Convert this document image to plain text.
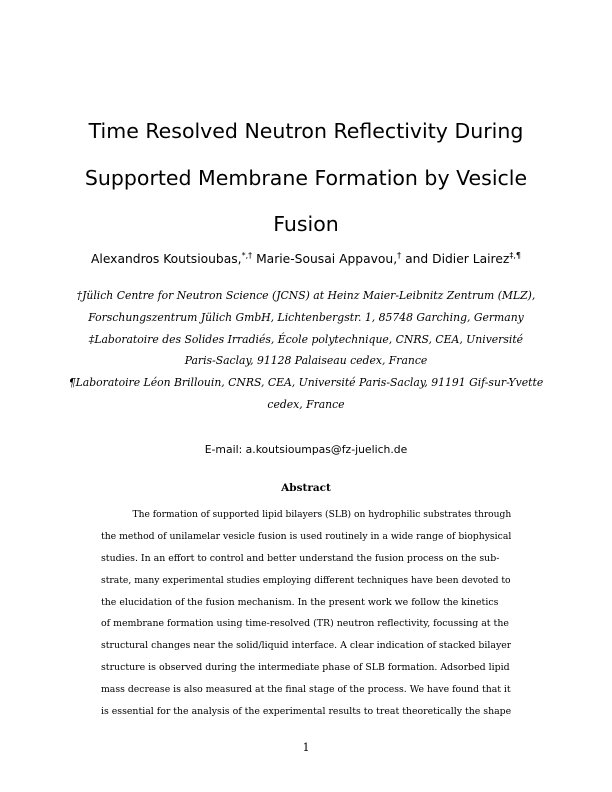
Time Resolved Neutron Reflectivity During
Supported Membrane Formation by Vesicle
Fusion
Alexandros Koutsioubas,*,† Marie-Sousai Appavou,† and Didier Lairez‡,¶
†Jülich Centre for Neutron Science (JCNS) at Heinz Maier-Leibnitz Zentrum (MLZ),
Forschungszentrum Jülich GmbH, Lichtenbergstr. 1, 85748 Garching, Germany
‡Laboratoire des Solides Irradiés, École polytechnique, CNRS, CEA, Université
Paris-Saclay, 91128 Palaiseau cedex, France
¶Laboratoire Léon Brillouin, CNRS, CEA, Université Paris-Saclay, 91191 Gif-sur-Yvette
cedex, France
E-mail: a.koutsioumpas@fz-juelich.de
Abstract
The formation of supported lipid bilayers (SLB) on hydrophilic substrates through
the method of unilamelar vesicle fusion is used routinely in a wide range of biophysical
studies. In an effort to control and better understand the fusion process on the sub-
strate, many experimental studies employing different techniques have been devoted to
the elucidation of the fusion mechanism. In the present work we follow the kinetics
of membrane formation using time-resolved (TR) neutron reflectivity, focussing at the
structural changes near the solid/liquid interface. A clear indication of stacked bilayer
structure is observed during the intermediate phase of SLB formation. Adsorbed lipid
mass decrease is also measured at the final stage of the process. We have found that it
is essential for the analysis of the experimental results to treat theoretically the shape
1
